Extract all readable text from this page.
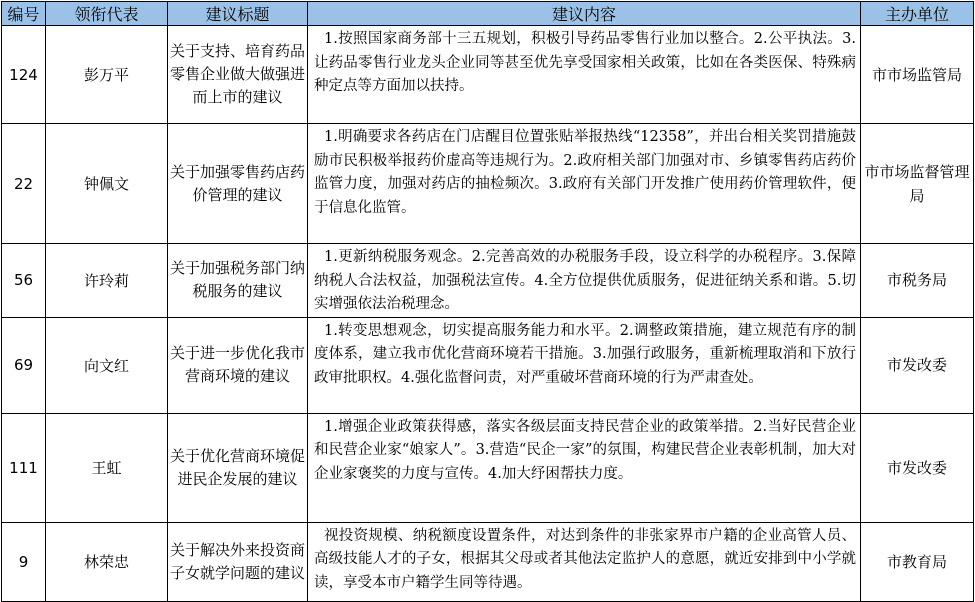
编号	领衔代表	建议标题	建议内容	主办单位
124	彭万平	关于支持、培育药品零售企业做大做强进而上市的建议	1.按照国家商务部十三五规划，积极引导药品零售行业加以整合。2.公平执法。3.让药品零售行业龙头企业同等甚至优先享受国家相关政策，比如在各类医保、特殊病种定点等方面加以扶持。	市市场监管局
22	钟佩文	关于加强零售药店药价管理的建议	1.明确要求各药店在门店醒目位置张贴举报热线“12358”，并出台相关奖罚措施鼓励市民积极举报药价虚高等违规行为。2.政府相关部门加强对市、乡镇零售药店药价监管力度，加强对药店的抽检频次。3.政府有关部门开发推广使用药价管理软件，便于信息化监管。	市市场监督管理局
56	许玲莉	关于加强税务部门纳税服务的建议	1.更新纳税服务观念。2.完善高效的办税服务手段，设立科学的办税程序。3.保障纳税人合法权益，加强税法宣传。4.全方位提供优质服务，促进征纳关系和谐。5.切实增强依法治税理念。	市税务局
69	向文红	关于进一步优化我市营商环境的建议	1.转变思想观念，切实提高服务能力和水平。2.调整政策措施，建立规范有序的制度体系，建立我市优化营商环境若干措施。3.加强行政服务，重新梳理取消和下放行政审批职权。4.强化监督问责，对严重破坏营商环境的行为严肃查处。	市发改委
111	王虹	关于优化营商环境促进民企发展的建议	1.增强企业政策获得感，落实各级层面支持民营企业的政策举措。2.当好民营企业和民营企业家“娘家人”。3.营造“民企一家”的氛围，构建民营企业表彰机制，加大对企业家褒奖的力度与宣传。4.加大纾困帮扶力度。	市发改委
9	林荣忠	关于解决外来投资商子女就学问题的建议	视投资规模、纳税额度设置条件，对达到条件的非张家界市户籍的企业高管人员、高级技能人才的子女，根据其父母或者其他法定监护人的意愿，就近安排到中小学就读，享受本市户籍学生同等待遇。	市教育局
